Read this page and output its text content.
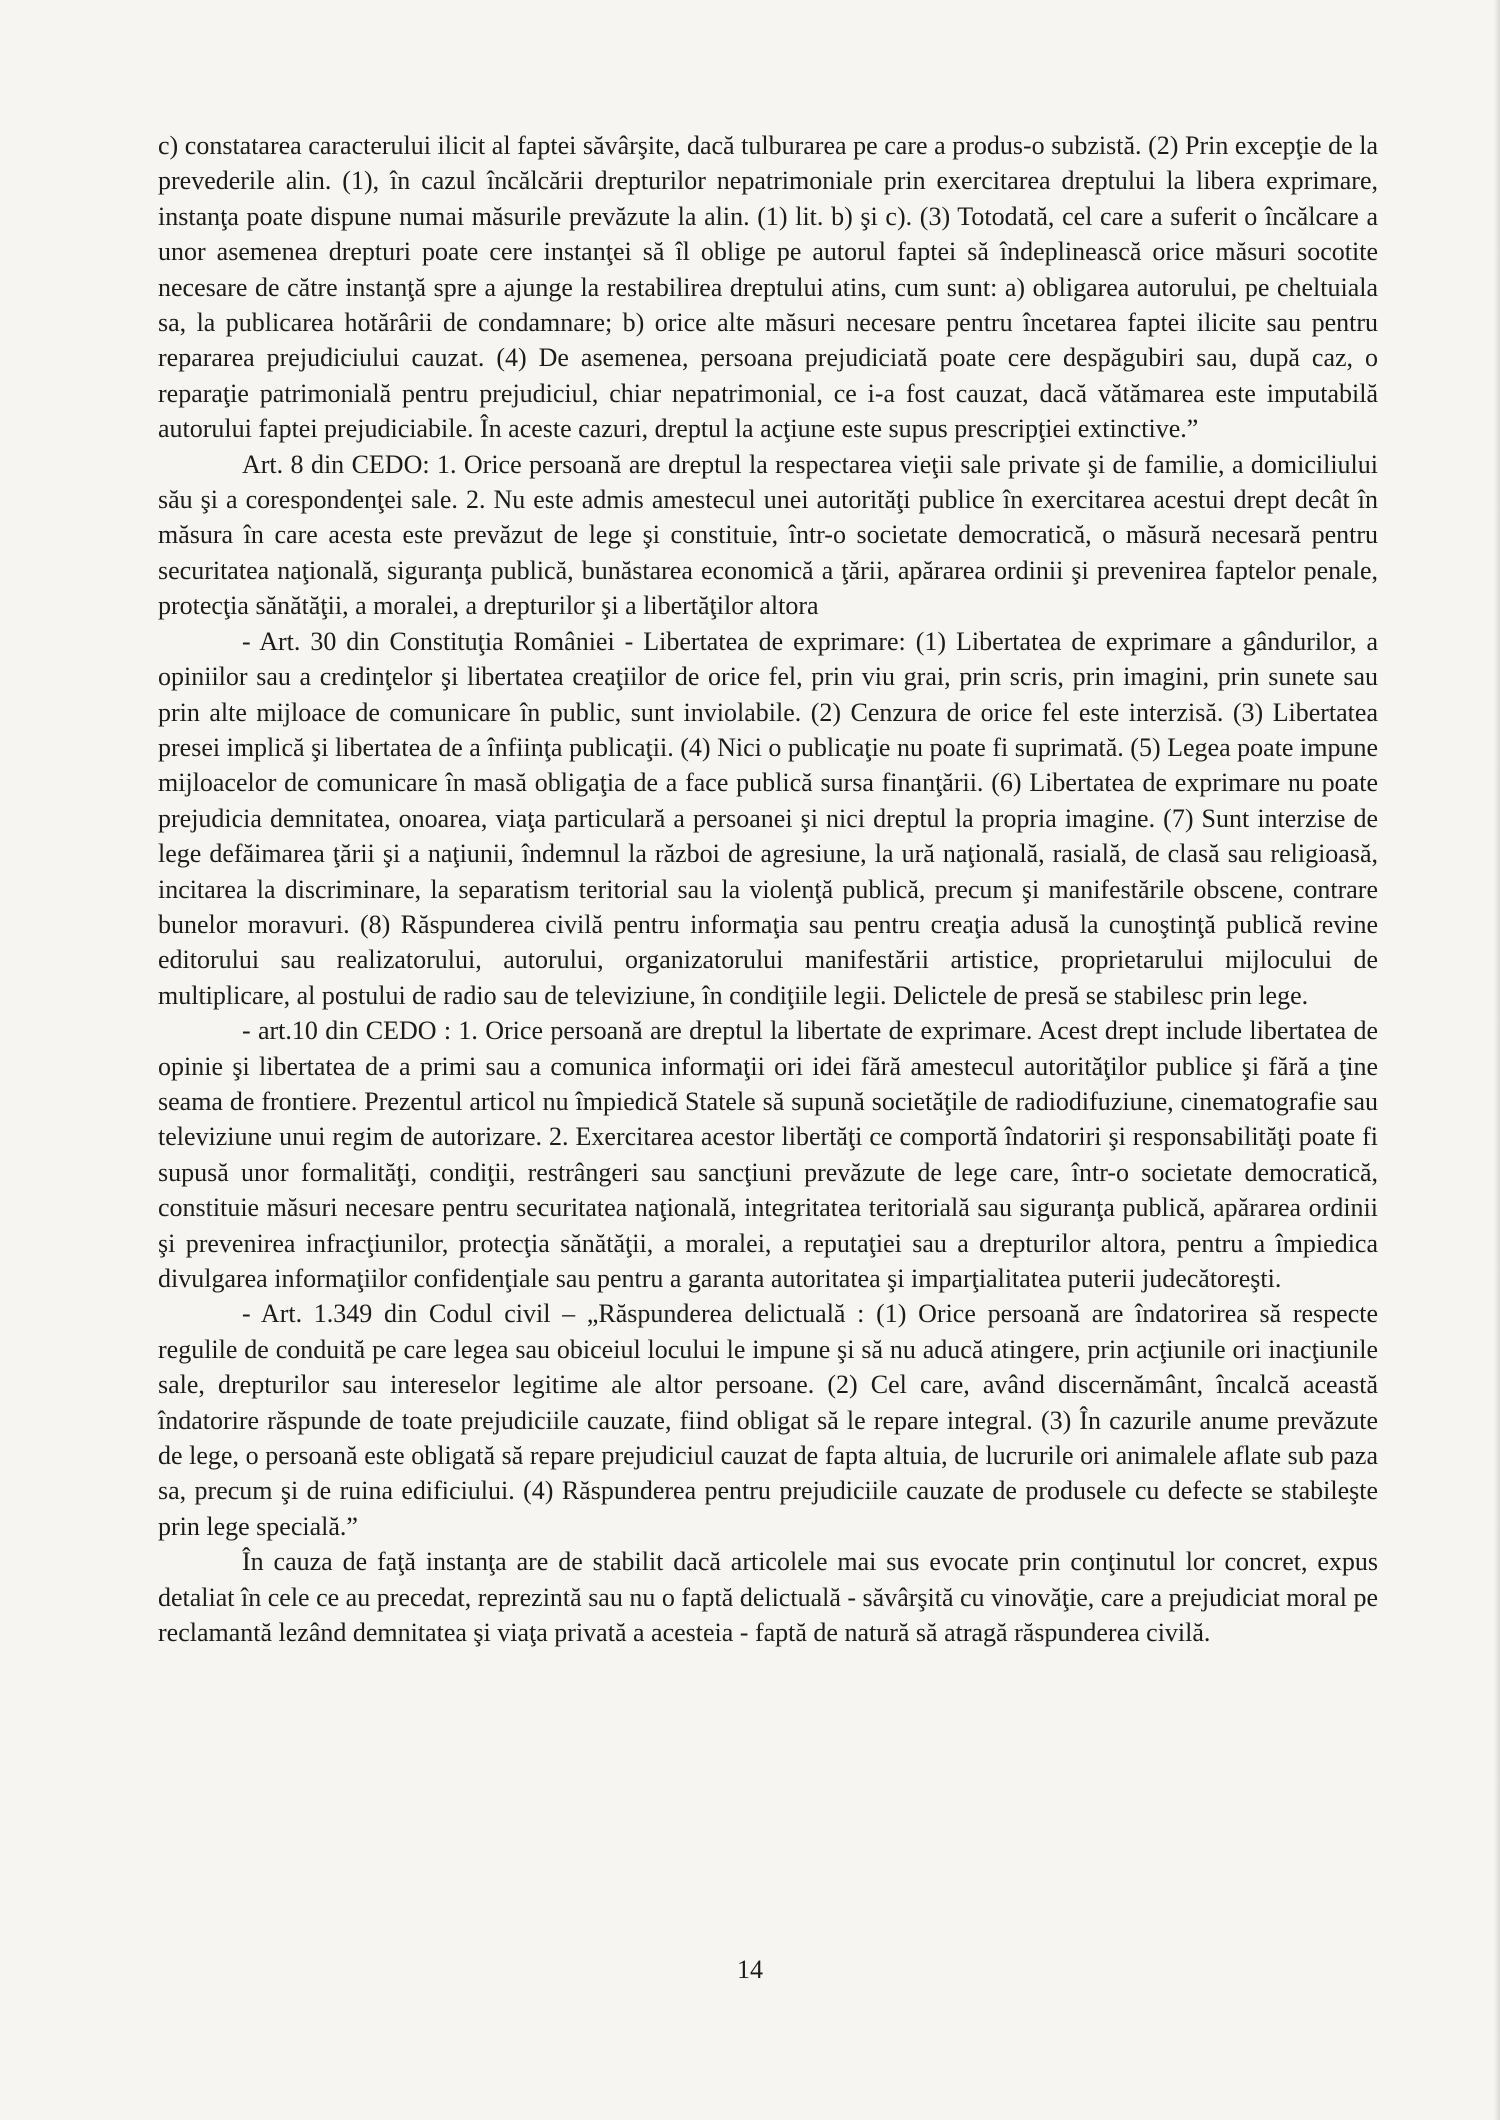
c) constatarea caracterului ilicit al faptei săvârşite, dacă tulburarea pe care a produs-o subzistă. (2) Prin excepţie de la prevederile alin. (1), în cazul încălcării drepturilor nepatrimoniale prin exercitarea dreptului la libera exprimare, instanţa poate dispune numai măsurile prevăzute la alin. (1) lit. b) şi c). (3) Totodată, cel care a suferit o încălcare a unor asemenea drepturi poate cere instanţei să îl oblige pe autorul faptei să îndeplinească orice măsuri socotite necesare de către instanţă spre a ajunge la restabilirea dreptului atins, cum sunt: a) obligarea autorului, pe cheltuiala sa, la publicarea hotărârii de condamnare; b) orice alte măsuri necesare pentru încetarea faptei ilicite sau pentru repararea prejudiciului cauzat. (4) De asemenea, persoana prejudiciată poate cere despăgubiri sau, după caz, o reparaţie patrimonială pentru prejudiciul, chiar nepatrimonial, ce i-a fost cauzat, dacă vătămarea este imputabilă autorului faptei prejudiciabile. În aceste cazuri, dreptul la acţiune este supus prescripţiei extinctive.”

Art. 8 din CEDO: 1. Orice persoană are dreptul la respectarea vieţii sale private şi de familie, a domiciliului său şi a corespondenţei sale. 2. Nu este admis amestecul unei autorităţi publice în exercitarea acestui drept decât în măsura în care acesta este prevăzut de lege şi constituie, într-o societate democratică, o măsură necesară pentru securitatea naţională, siguranţa publică, bunăstarea economică a ţării, apărarea ordinii şi prevenirea faptelor penale, protecţia sănătăţii, a moralei, a drepturilor şi a libertăţilor altora

- Art. 30 din Constituţia României - Libertatea de exprimare: (1) Libertatea de exprimare a gândurilor, a opiniilor sau a credinţelor şi libertatea creaţiilor de orice fel, prin viu grai, prin scris, prin imagini, prin sunete sau prin alte mijloace de comunicare în public, sunt inviolabile. (2) Cenzura de orice fel este interzisă. (3) Libertatea presei implică şi libertatea de a înfiinţa publicaţii. (4) Nici o publicaţie nu poate fi suprimată. (5) Legea poate impune mijloacelor de comunicare în masă obligaţia de a face publică sursa finanţării. (6) Libertatea de exprimare nu poate prejudicia demnitatea, onoarea, viaţa particulară a persoanei şi nici dreptul la propria imagine. (7) Sunt interzise de lege defăimarea ţării şi a naţiunii, îndemnul la război de agresiune, la ură naţională, rasială, de clasă sau religioasă, incitarea la discriminare, la separatism teritorial sau la violenţă publică, precum şi manifestările obscene, contrare bunelor moravuri. (8) Răspunderea civilă pentru informaţia sau pentru creaţia adusă la cunoştinţă publică revine editorului sau realizatorului, autorului, organizatorului manifestării artistice, proprietarului mijlocului de multiplicare, al postului de radio sau de televiziune, în condiţiile legii. Delictele de presă se stabilesc prin lege.

- art.10 din CEDO : 1. Orice persoană are dreptul la libertate de exprimare. Acest drept include libertatea de opinie şi libertatea de a primi sau a comunica informaţii ori idei fără amestecul autorităţilor publice şi fără a ţine seama de frontiere. Prezentul articol nu împiedică Statele să supună societăţile de radiodifuziune, cinematografie sau televiziune unui regim de autorizare. 2. Exercitarea acestor libertăţi ce comportă îndatoriri şi responsabilităţi poate fi supusă unor formalităţi, condiţii, restrângeri sau sancţiuni prevăzute de lege care, într-o societate democratică, constituie măsuri necesare pentru securitatea naţională, integritatea teritorială sau siguranţa publică, apărarea ordinii şi prevenirea infracţiunilor, protecţia sănătăţii, a moralei, a reputaţiei sau a drepturilor altora, pentru a împiedica divulgarea informaţiilor confidenţiale sau pentru a garanta autoritatea şi imparţialitatea puterii judecătoreşti.

- Art. 1.349 din Codul civil – „Răspunderea delictuală : (1) Orice persoană are îndatorirea să respecte regulile de conduită pe care legea sau obiceiul locului le impune şi să nu aducă atingere, prin acţiunile ori inacţiunile sale, drepturilor sau intereselor legitime ale altor persoane. (2) Cel care, având discernământ, încalcă această îndatorire răspunde de toate prejudiciile cauzate, fiind obligat să le repare integral. (3) În cazurile anume prevăzute de lege, o persoană este obligată să repare prejudiciul cauzat de fapta altuia, de lucrurile ori animalele aflate sub paza sa, precum şi de ruina edificiului. (4) Răspunderea pentru prejudiciile cauzate de produsele cu defecte se stabileşte prin lege specială.”

În cauza de faţă instanţa are de stabilit dacă articolele mai sus evocate prin conţinutul lor concret, expus detaliat în cele ce au precedat, reprezintă sau nu o faptă delictuală - săvârşită cu vinovăţie, care a prejudiciat moral pe reclamantă lezând demnitatea şi viaţa privată a acesteia - faptă de natură să atragă răspunderea civilă.

14
